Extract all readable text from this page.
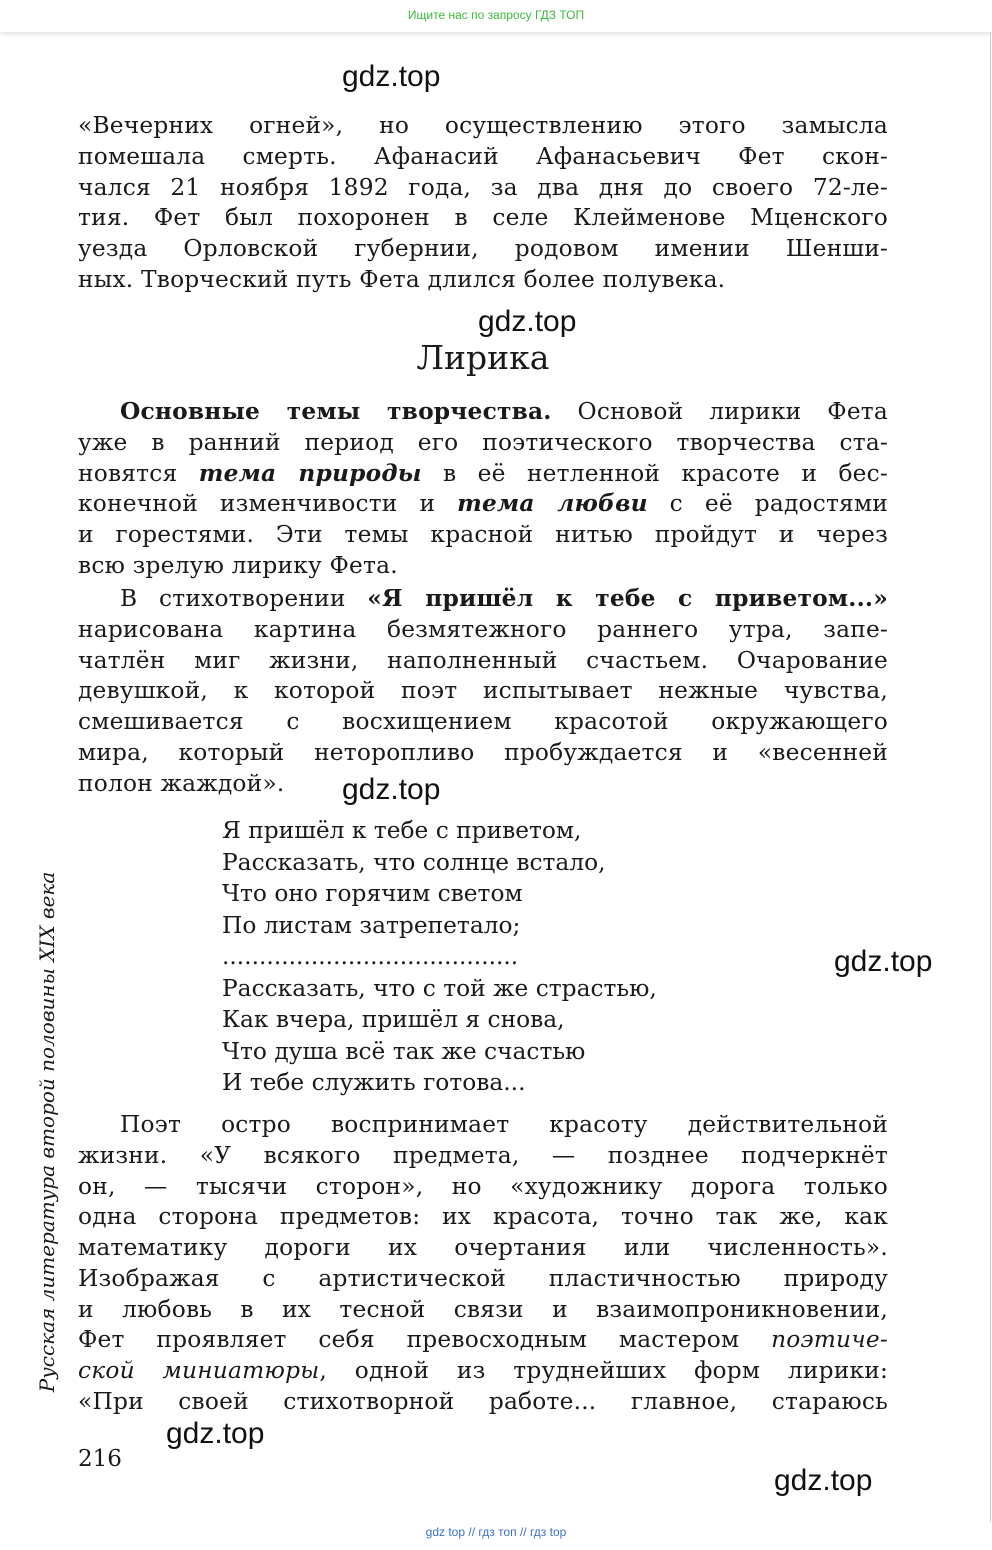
Ищите нас по запросу ГДЗ ТОП
gdz.top
gdz.top
gdz.top
gdz.top
gdz.top
gdz.top
«Вечерних огней», но осуществлению этого замысла
помешала смерть. Афанасий Афанасьевич Фет скон-
чался 21 ноября 1892 года, за два дня до своего 72-ле-
тия. Фет был похоронен в селе Клейменове Мценского
уезда Орловской губернии, родовом имении Шенши-
ных. Творческий путь Фета длился более полувека.
Лирика
Основные темы творчества. Основой лирики Фета
уже в ранний период его поэтического творчества ста-
новятся тема природы в её нетленной красоте и бес-
конечной изменчивости и тема любви с её радостями
и горестями. Эти темы красной нитью пройдут и через
всю зрелую лирику Фета.
В стихотворении «Я пришёл к тебе с приветом...»
нарисована картина безмятежного раннего утра, запе-
чатлён миг жизни, наполненный счастьем. Очарование
девушкой, к которой поэт испытывает нежные чувства,
смешивается с восхищением красотой окружающего
мира, который неторопливо пробуждается и «весенней
полон жаждой».
Я пришёл к тебе с приветом,
Рассказать, что солнце встало,
Что оно горячим светом
По листам затрепетало;
........................................
Рассказать, что с той же страстью,
Как вчера, пришёл я снова,
Что душа всё так же счастью
И тебе служить готова...
Поэт остро воспринимает красоту действительной
жизни. «У всякого предмета, — позднее подчеркнёт
он, — тысячи сторон», но «художнику дорога только
одна сторона предметов: их красота, точно так же, как
математику дороги их очертания или численность».
Изображая с артистической пластичностью природу
и любовь в их тесной связи и взаимопроникновении,
Фет проявляет себя превосходным мастером поэтиче-
ской миниатюры, одной из труднейших форм лирики:
«При своей стихотворной работе... главное, стараюсь
Русская литература второй половины XIX века
216
gdz top // гдз топ // гдз top
